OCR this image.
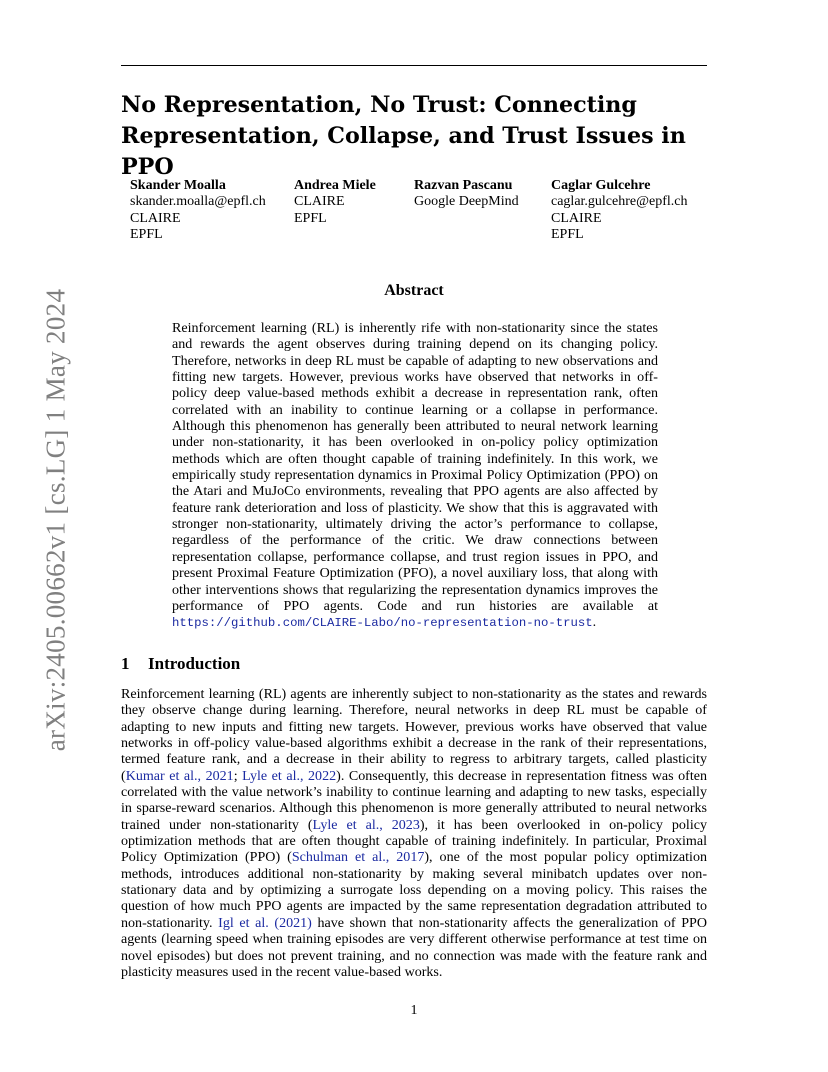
arXiv:2405.00662v1 [cs.LG] 1 May 2024
No Representation, No Trust: Connecting Representation, Collapse, and Trust Issues in PPO
Skander Moalla
skander.moalla@epfl.ch
CLAIRE
EPFL
Andrea Miele
CLAIRE
EPFL
Razvan Pascanu
Google DeepMind
Caglar Gulcehre
caglar.gulcehre@epfl.ch
CLAIRE
EPFL
Abstract
Reinforcement learning (RL) is inherently rife with non-stationarity since the states and rewards the agent observes during training depend on its changing policy. Therefore, networks in deep RL must be capable of adapting to new observations and fitting new targets. However, previous works have observed that networks in off-policy deep value-based methods exhibit a decrease in representation rank, often correlated with an inability to continue learning or a collapse in performance. Although this phenomenon has generally been attributed to neural network learning under non-stationarity, it has been overlooked in on-policy policy optimization methods which are often thought capable of training indefinitely. In this work, we empirically study representation dynamics in Proximal Policy Optimization (PPO) on the Atari and MuJoCo environments, revealing that PPO agents are also affected by feature rank deterioration and loss of plasticity. We show that this is aggravated with stronger non-stationarity, ultimately driving the actor’s performance to collapse, regardless of the performance of the critic. We draw connections between representation collapse, performance collapse, and trust region issues in PPO, and present Proximal Feature Optimization (PFO), a novel auxiliary loss, that along with other interventions shows that regularizing the representation dynamics improves the performance of PPO agents. Code and run histories are available at https://github.com/CLAIRE-Labo/no-representation-no-trust.
1 Introduction
Reinforcement learning (RL) agents are inherently subject to non-stationarity as the states and rewards they observe change during learning. Therefore, neural networks in deep RL must be capable of adapting to new inputs and fitting new targets. However, previous works have observed that value networks in off-policy value-based algorithms exhibit a decrease in the rank of their representations, termed feature rank, and a decrease in their ability to regress to arbitrary targets, called plasticity (Kumar et al., 2021; Lyle et al., 2022). Consequently, this decrease in representation fitness was often correlated with the value network’s inability to continue learning and adapting to new tasks, especially in sparse-reward scenarios. Although this phenomenon is more generally attributed to neural networks trained under non-stationarity (Lyle et al., 2023), it has been overlooked in on-policy policy optimization methods that are often thought capable of training indefinitely. In particular, Proximal Policy Optimization (PPO) (Schulman et al., 2017), one of the most popular policy optimization methods, introduces additional non-stationarity by making several minibatch updates over non-stationary data and by optimizing a surrogate loss depending on a moving policy. This raises the question of how much PPO agents are impacted by the same representation degradation attributed to non-stationarity. Igl et al. (2021) have shown that non-stationarity affects the generalization of PPO agents (learning speed when training episodes are very different otherwise performance at test time on novel episodes) but does not prevent training, and no connection was made with the feature rank and plasticity measures used in the recent value-based works.
1
